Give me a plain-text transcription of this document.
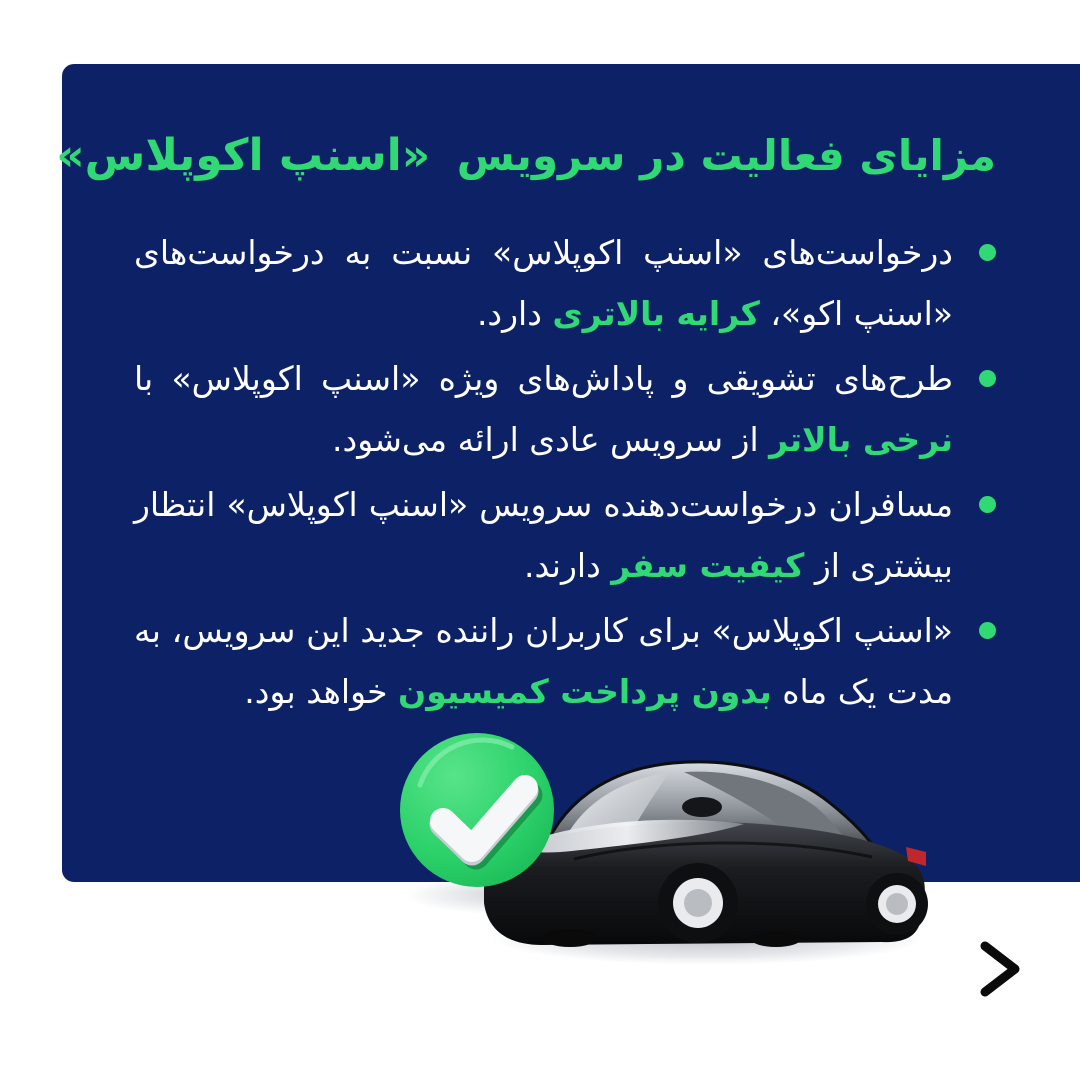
مزایای فعالیت در سرویس «اسنپ اکوپلاس»

درخواست‌های «اسنپ اکوپلاس» نسبت به درخواست‌های «اسنپ اکو»، کرایه بالاتری دارد.

طرح‌های تشویقی و پاداش‌های ویژه «اسنپ اکوپلاس» با نرخی بالاتر از سرویس عادی ارائه می‌شود.

مسافران درخواست‌دهنده سرویس «اسنپ اکوپلاس» انتظار بیشتری از کیفیت سفر دارند.

«اسنپ اکوپلاس» برای کاربران راننده جدید این سرویس، به مدت یک ماه بدون پرداخت کمیسیون خواهد بود.
